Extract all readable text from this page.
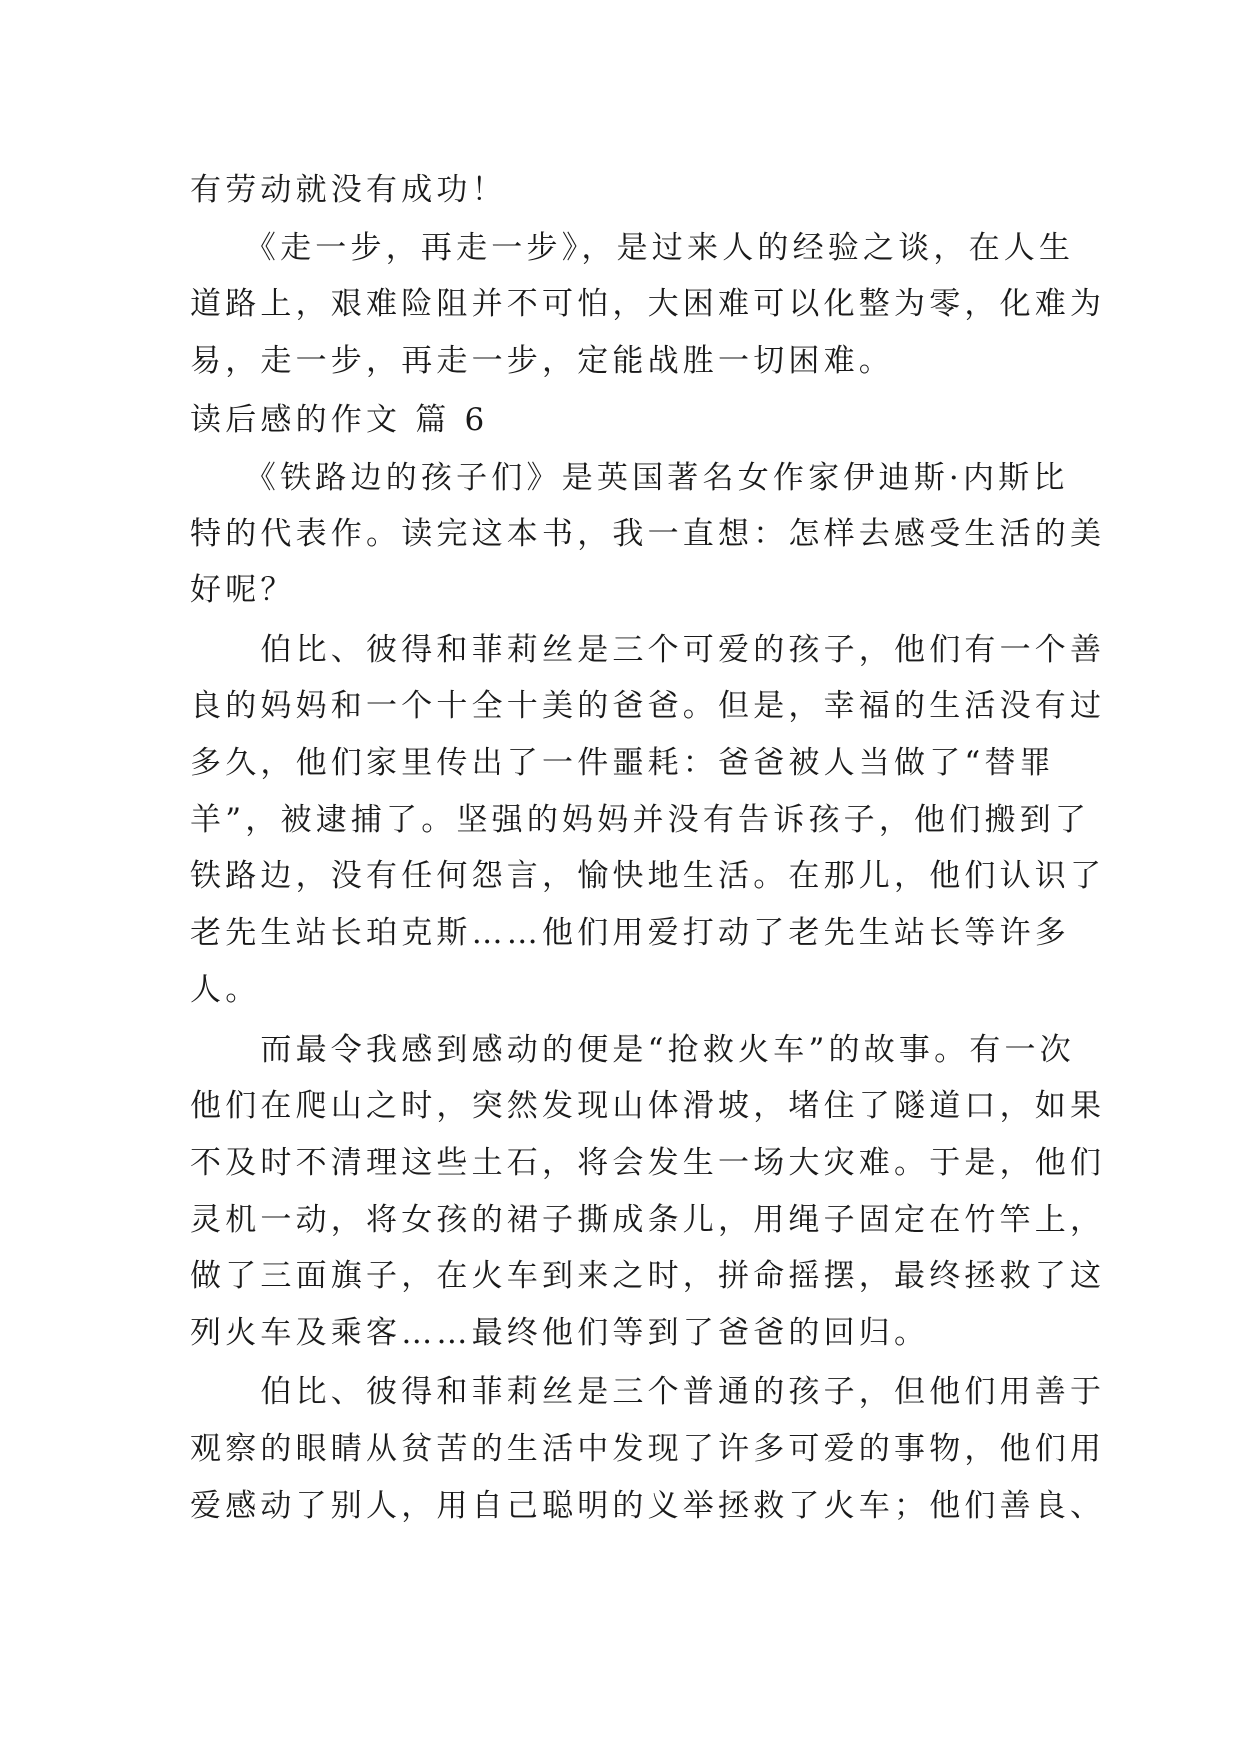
有劳动就没有成功！
　　《走一步，再走一步》，是过来人的经验之谈，在人生
道路上，艰难险阻并不可怕，大困难可以化整为零，化难为
易，走一步，再走一步，定能战胜一切困难。
读后感的作文 篇 6
　　《铁路边的孩子们》是英国著名女作家伊迪斯·内斯比
特的代表作。读完这本书，我一直想：怎样去感受生活的美
好呢？
　　伯比、彼得和菲莉丝是三个可爱的孩子，他们有一个善
良的妈妈和一个十全十美的爸爸。但是，幸福的生活没有过
多久，他们家里传出了一件噩耗：爸爸被人当做了“替罪
羊”，被逮捕了。坚强的妈妈并没有告诉孩子，他们搬到了
铁路边，没有任何怨言，愉快地生活。在那儿，他们认识了
老先生站长珀克斯……他们用爱打动了老先生站长等许多
人。
　　而最令我感到感动的便是“抢救火车”的故事。有一次
他们在爬山之时，突然发现山体滑坡，堵住了隧道口，如果
不及时不清理这些土石，将会发生一场大灾难。于是，他们
灵机一动，将女孩的裙子撕成条儿，用绳子固定在竹竿上，
做了三面旗子，在火车到来之时，拼命摇摆，最终拯救了这
列火车及乘客……最终他们等到了爸爸的回归。
　　伯比、彼得和菲莉丝是三个普通的孩子，但他们用善于
观察的眼睛从贫苦的生活中发现了许多可爱的事物，他们用
爱感动了别人，用自己聪明的义举拯救了火车；他们善良、
